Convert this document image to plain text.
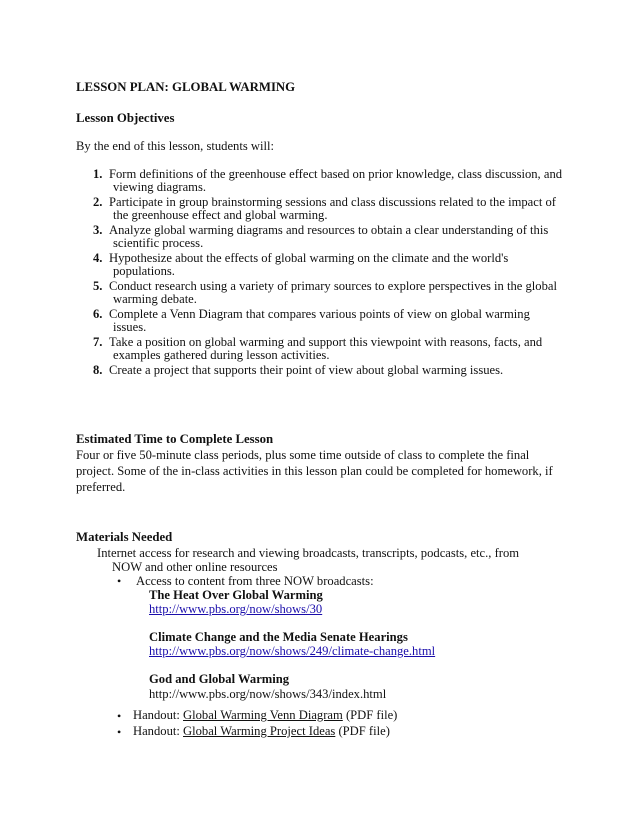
LESSON PLAN: GLOBAL WARMING
Lesson Objectives
By the end of this lesson, students will:
1. Form definitions of the greenhouse effect based on prior knowledge, class discussion, and
viewing diagrams.
2. Participate in group brainstorming sessions and class discussions related to the impact of
the greenhouse effect and global warming.
3. Analyze global warming diagrams and resources to obtain a clear understanding of this
scientific process.
4. Hypothesize about the effects of global warming on the climate and the world's
populations.
5. Conduct research using a variety of primary sources to explore perspectives in the global
warming debate.
6. Complete a Venn Diagram that compares various points of view on global warming
issues.
7. Take a position on global warming and support this viewpoint with reasons, facts, and
examples gathered during lesson activities.
8. Create a project that supports their point of view about global warming issues.
Estimated Time to Complete Lesson
Four or five 50-minute class periods, plus some time outside of class to complete the final
project. Some of the in-class activities in this lesson plan could be completed for homework, if
preferred.
Materials Needed
Internet access for research and viewing broadcasts, transcripts, podcasts, etc., from
NOW and other online resources
• Access to content from three NOW broadcasts:
The Heat Over Global Warming
http://www.pbs.org/now/shows/30
Climate Change and the Media Senate Hearings
http://www.pbs.org/now/shows/249/climate-change.html
God and Global Warming
http://www.pbs.org/now/shows/343/index.html
• Handout: Global Warming Venn Diagram (PDF file)
• Handout: Global Warming Project Ideas (PDF file)
